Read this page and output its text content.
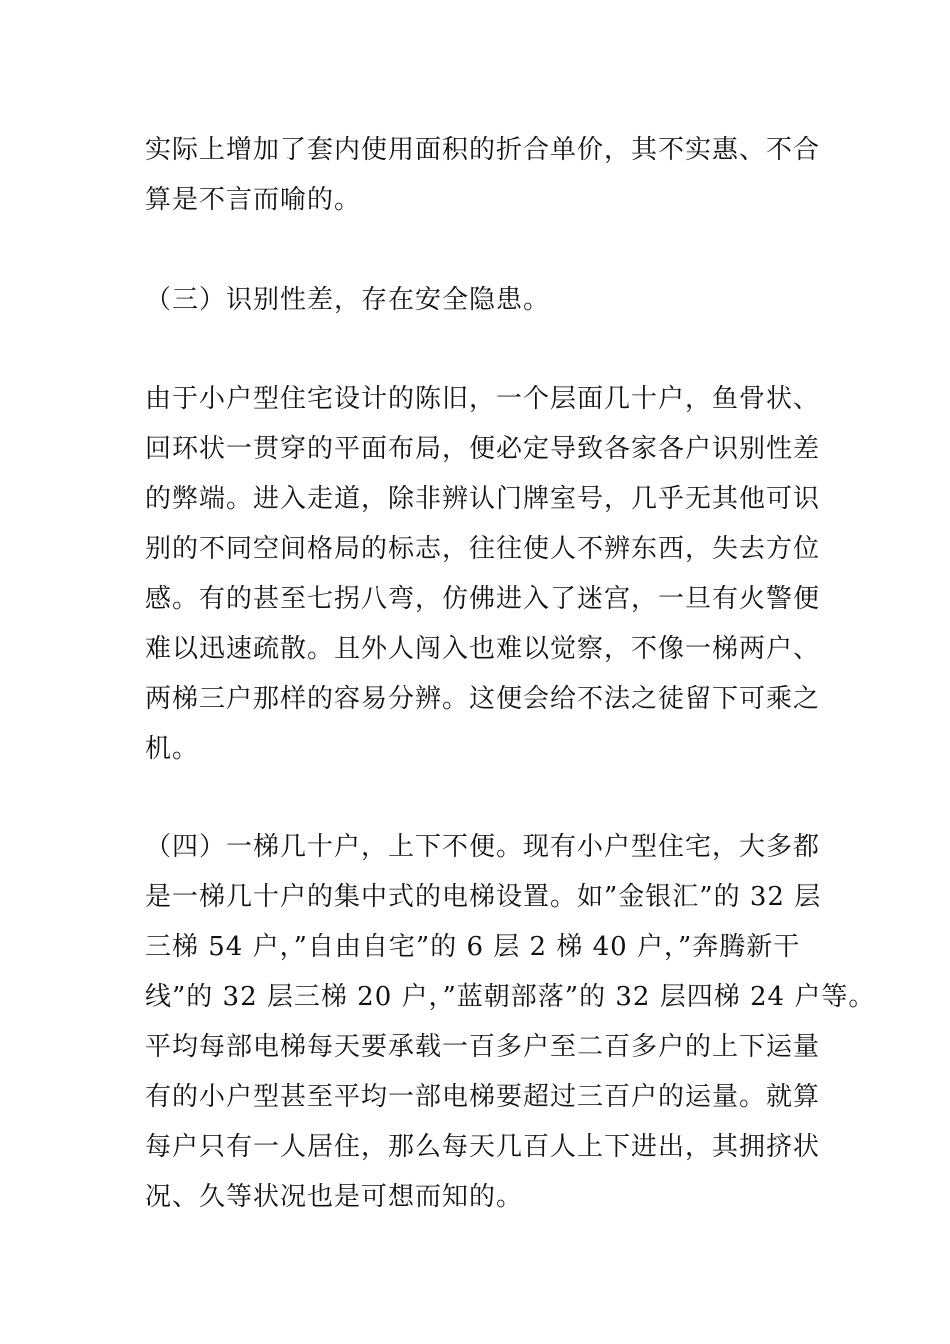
实际上增加了套内使用面积的折合单价，其不实惠、不合
算是不言而喻的。
（三）识别性差，存在安全隐患。
由于小户型住宅设计的陈旧，一个层面几十户，鱼骨状、
回环状一贯穿的平面布局，便必定导致各家各户识别性差
的弊端。进入走道，除非辨认门牌室号，几乎无其他可识
别的不同空间格局的标志，往往使人不辨东西，失去方位
感。有的甚至七拐八弯，仿佛进入了迷宫，一旦有火警便
难以迅速疏散。且外人闯入也难以觉察，不像一梯两户、
两梯三户那样的容易分辨。这便会给不法之徒留下可乘之
机。
（四）一梯几十户，上下不便。现有小户型住宅，大多都
是一梯几十户的集中式的电梯设置。如”金银汇”的 32 层
三梯 54 户，”自由自宅”的 6 层 2 梯 40 户，”奔腾新干
线”的 32 层三梯 20 户，”蓝朝部落”的 32 层四梯 24 户等。
平均每部电梯每天要承载一百多户至二百多户的上下运量
有的小户型甚至平均一部电梯要超过三百户的运量。就算
每户只有一人居住，那么每天几百人上下进出，其拥挤状
况、久等状况也是可想而知的。
